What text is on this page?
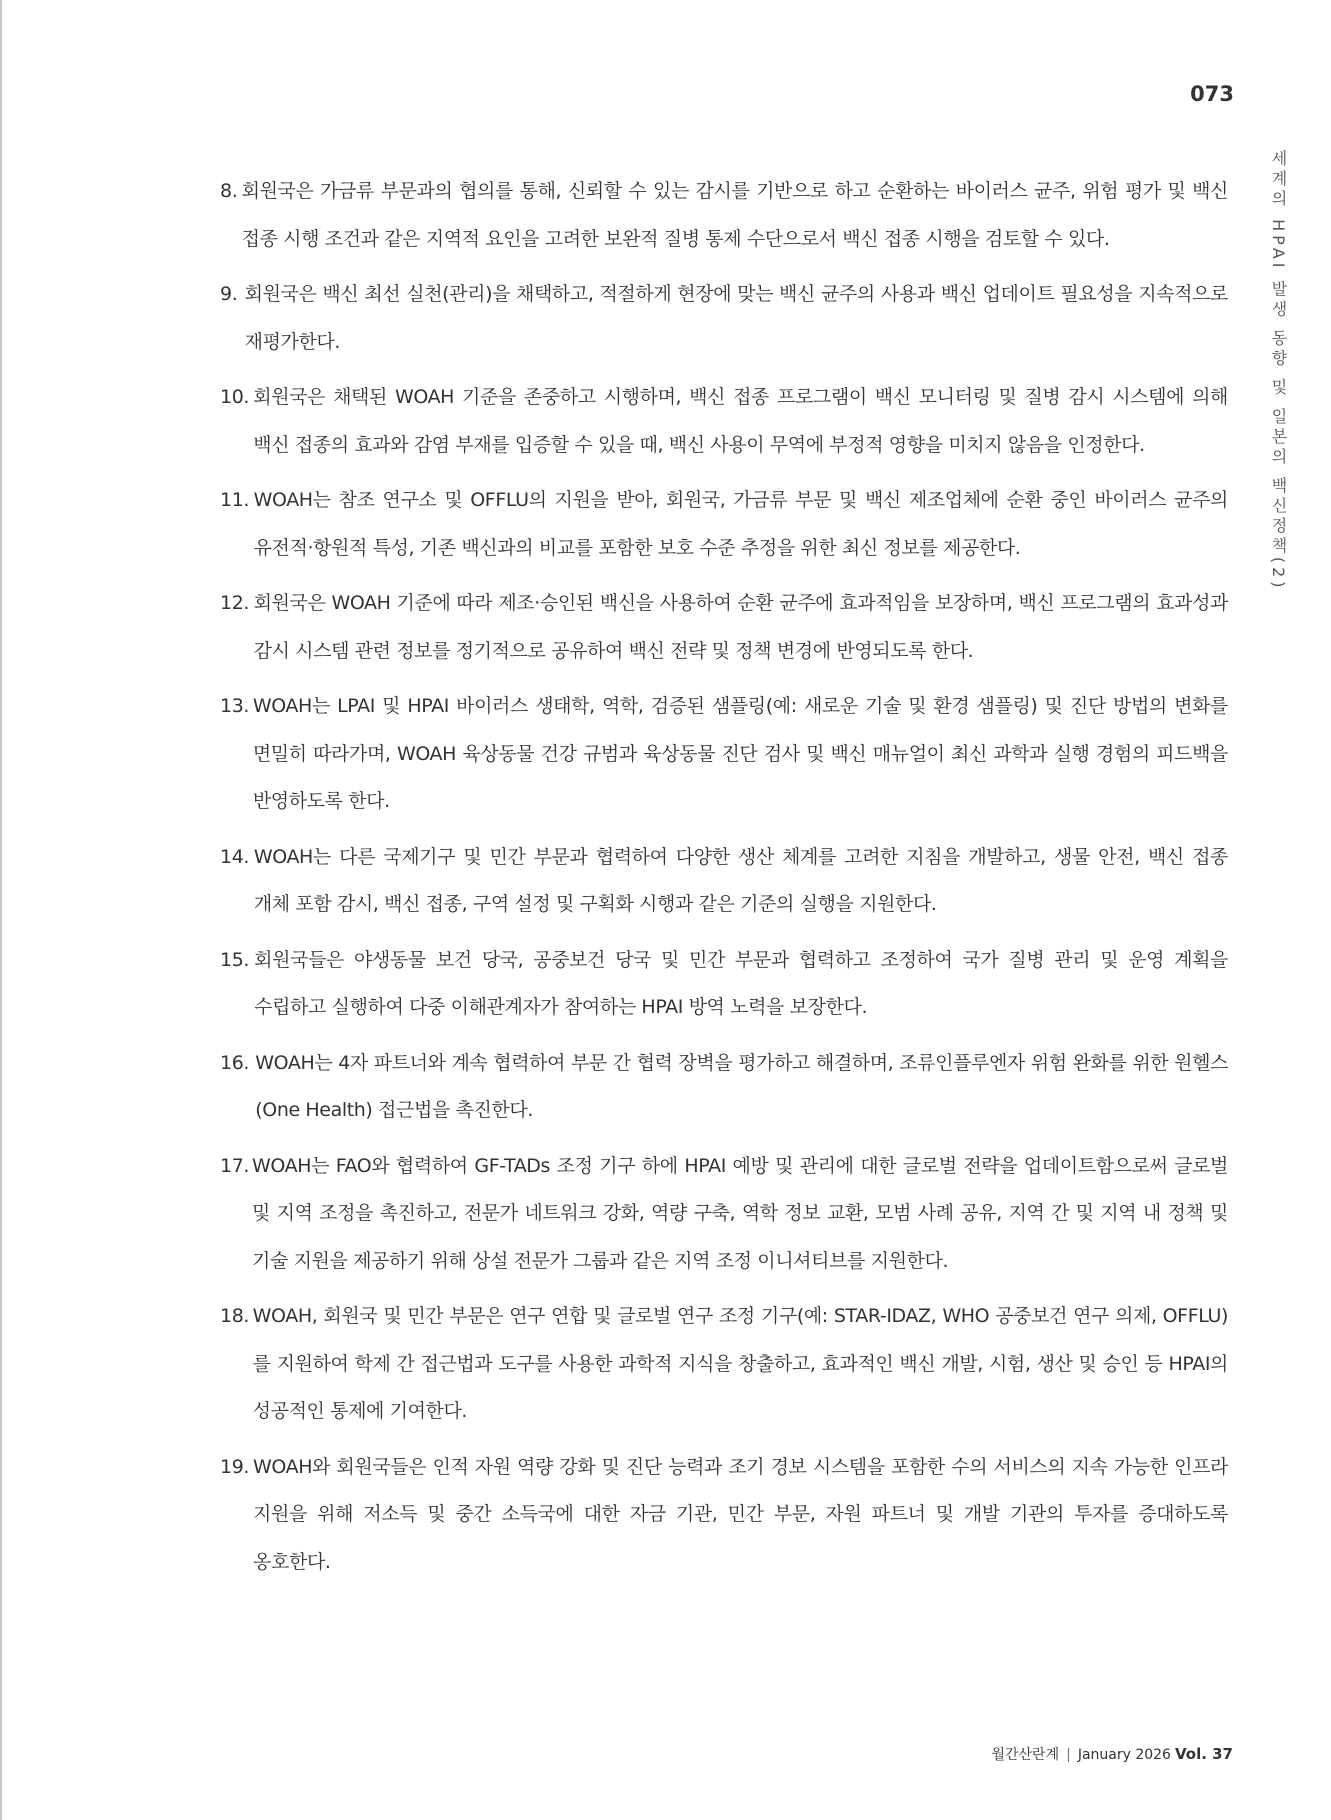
073
세계의 HPAI 발생 동향 및 일본의 백신정책(2)
8. 회원국은 가금류 부문과의 협의를 통해, 신뢰할 수 있는 감시를 기반으로 하고 순환하는 바이러스 균주, 위험 평가 및 백신 접종 시행 조건과 같은 지역적 요인을 고려한 보완적 질병 통제 수단으로서 백신 접종 시행을 검토할 수 있다.
9. 회원국은 백신 최선 실천(관리)을 채택하고, 적절하게 현장에 맞는 백신 균주의 사용과 백신 업데이트 필요성을 지속적으로 재평가한다.
10. 회원국은 채택된 WOAH 기준을 존중하고 시행하며, 백신 접종 프로그램이 백신 모니터링 및 질병 감시 시스템에 의해 백신 접종의 효과와 감염 부재를 입증할 수 있을 때, 백신 사용이 무역에 부정적 영향을 미치지 않음을 인정한다.
11. WOAH는 참조 연구소 및 OFFLU의 지원을 받아, 회원국, 가금류 부문 및 백신 제조업체에 순환 중인 바이러스 균주의 유전적·항원적 특성, 기존 백신과의 비교를 포함한 보호 수준 추정을 위한 최신 정보를 제공한다.
12. 회원국은 WOAH 기준에 따라 제조·승인된 백신을 사용하여 순환 균주에 효과적임을 보장하며, 백신 프로그램의 효과성과 감시 시스템 관련 정보를 정기적으로 공유하여 백신 전략 및 정책 변경에 반영되도록 한다.
13. WOAH는 LPAI 및 HPAI 바이러스 생태학, 역학, 검증된 샘플링(예: 새로운 기술 및 환경 샘플링) 및 진단 방법의 변화를 면밀히 따라가며, WOAH 육상동물 건강 규범과 육상동물 진단 검사 및 백신 매뉴얼이 최신 과학과 실행 경험의 피드백을 반영하도록 한다.
14. WOAH는 다른 국제기구 및 민간 부문과 협력하여 다양한 생산 체계를 고려한 지침을 개발하고, 생물 안전, 백신 접종 개체 포함 감시, 백신 접종, 구역 설정 및 구획화 시행과 같은 기준의 실행을 지원한다.
15. 회원국들은 야생동물 보건 당국, 공중보건 당국 및 민간 부문과 협력하고 조정하여 국가 질병 관리 및 운영 계획을 수립하고 실행하여 다중 이해관계자가 참여하는 HPAI 방역 노력을 보장한다.
16. WOAH는 4자 파트너와 계속 협력하여 부문 간 협력 장벽을 평가하고 해결하며, 조류인플루엔자 위험 완화를 위한 원헬스(One Health) 접근법을 촉진한다.
17. WOAH는 FAO와 협력하여 GF-TADs 조정 기구 하에 HPAI 예방 및 관리에 대한 글로벌 전략을 업데이트함으로써 글로벌 및 지역 조정을 촉진하고, 전문가 네트워크 강화, 역량 구축, 역학 정보 교환, 모범 사례 공유, 지역 간 및 지역 내 정책 및 기술 지원을 제공하기 위해 상설 전문가 그룹과 같은 지역 조정 이니셔티브를 지원한다.
18. WOAH, 회원국 및 민간 부문은 연구 연합 및 글로벌 연구 조정 기구(예: STAR-IDAZ, WHO 공중보건 연구 의제, OFFLU)를 지원하여 학제 간 접근법과 도구를 사용한 과학적 지식을 창출하고, 효과적인 백신 개발, 시험, 생산 및 승인 등 HPAI의 성공적인 통제에 기여한다.
19. WOAH와 회원국들은 인적 자원 역량 강화 및 진단 능력과 조기 경보 시스템을 포함한 수의 서비스의 지속 가능한 인프라 지원을 위해 저소득 및 중간 소득국에 대한 자금 기관, 민간 부문, 자원 파트너 및 개발 기관의 투자를 증대하도록 옹호한다.
월간산란계 | January 2026 Vol. 37
